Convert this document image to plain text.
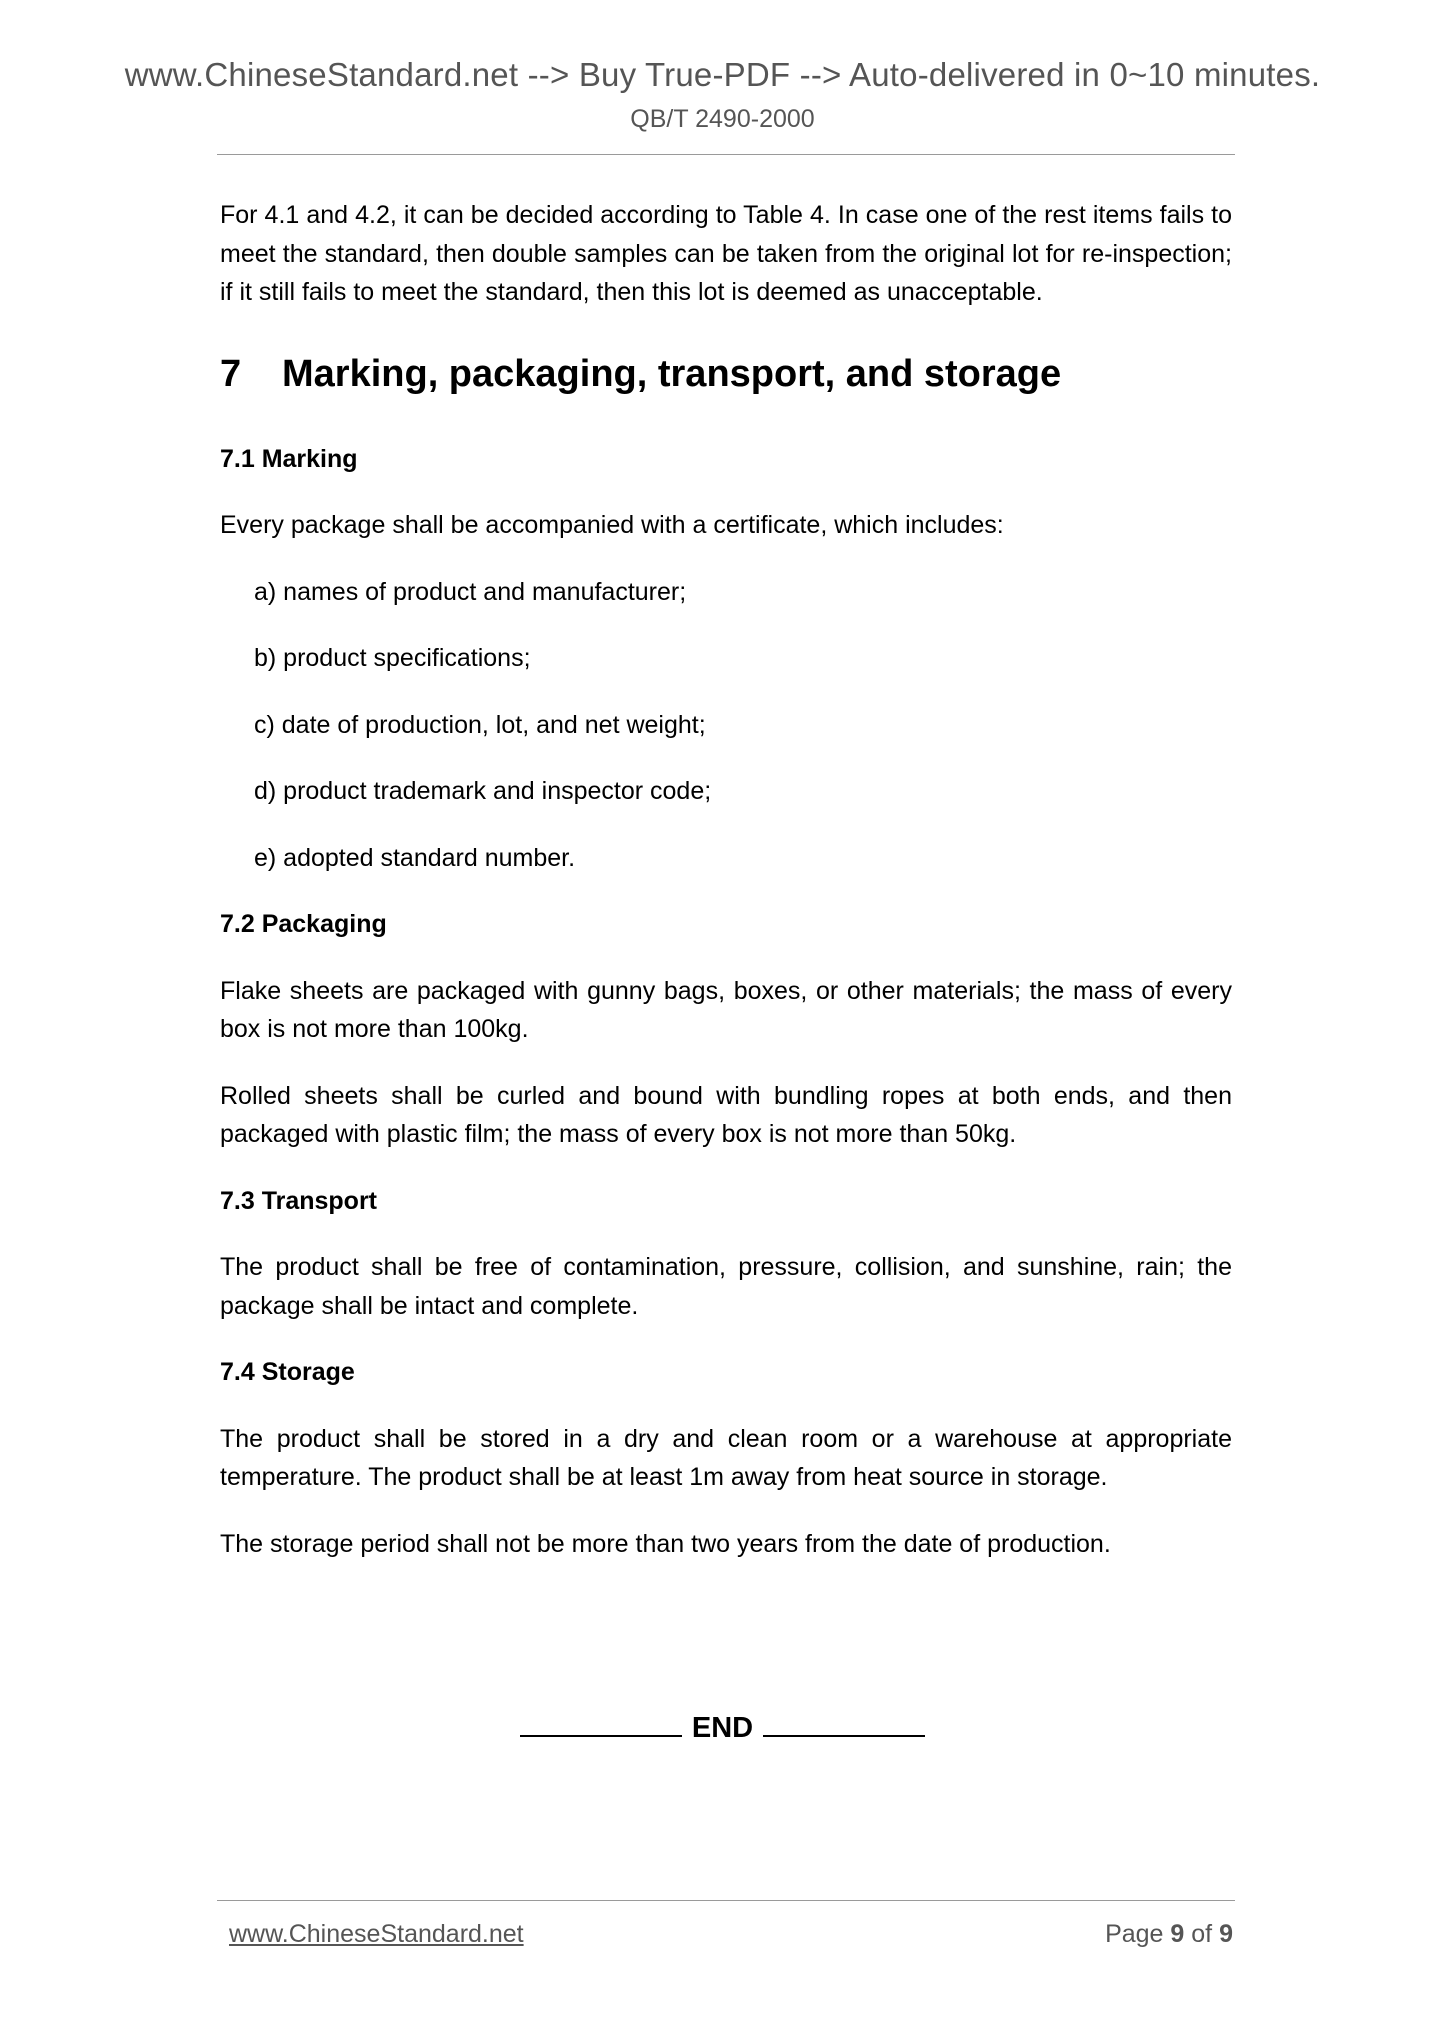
www.ChineseStandard.net --> Buy True-PDF --> Auto-delivered in 0~10 minutes.
QB/T 2490-2000

For 4.1 and 4.2, it can be decided according to Table 4. In case one of the rest items fails to meet the standard, then double samples can be taken from the original lot for re-inspection; if it still fails to meet the standard, then this lot is deemed as unacceptable.

7	Marking, packaging, transport, and storage
7.1 Marking

Every package shall be accompanied with a certificate, which includes:

a) names of product and manufacturer;
b) product specifications;
c) date of production, lot, and net weight;
d) product trademark and inspector code;
e) adopted standard number.
7.2 Packaging

Flake sheets are packaged with gunny bags, boxes, or other materials; the mass of every box is not more than 100kg.

Rolled sheets shall be curled and bound with bundling ropes at both ends, and then packaged with plastic film; the mass of every box is not more than 50kg.

7.3 Transport

The product shall be free of contamination, pressure, collision, and sunshine, rain; the package shall be intact and complete.

7.4 Storage

The product shall be stored in a dry and clean room or a warehouse at appropriate temperature. The product shall be at least 1m away from heat source in storage.

The storage period shall not be more than two years from the date of production.

END
www.ChineseStandard.net	Page 9 of 9
